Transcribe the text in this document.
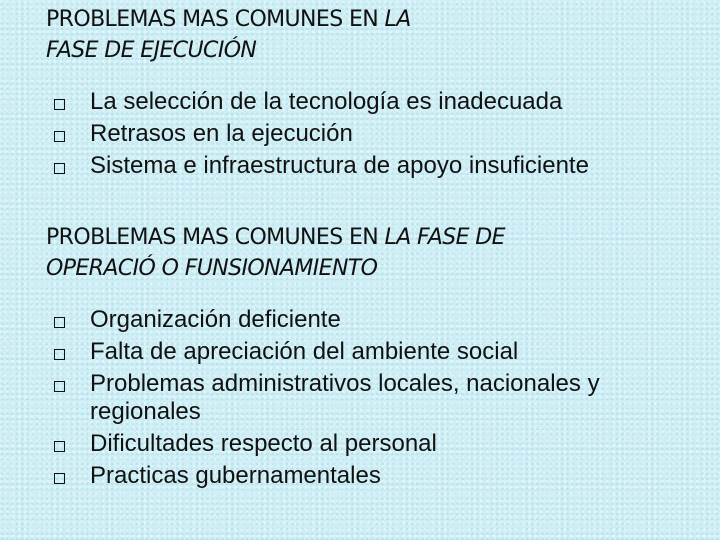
PROBLEMAS MAS COMUNES EN LA
FASE DE EJECUCIÓN
La selección de la tecnología es inadecuada
Retrasos en la ejecución
Sistema e infraestructura de apoyo insuficiente
PROBLEMAS MAS COMUNES EN LA FASE DE
OPERACIÓ O FUNSIONAMIENTO
Organización deficiente
Falta de apreciación del ambiente social
Problemas administrativos locales, nacionales y regionales
Dificultades respecto al personal
Practicas gubernamentales
